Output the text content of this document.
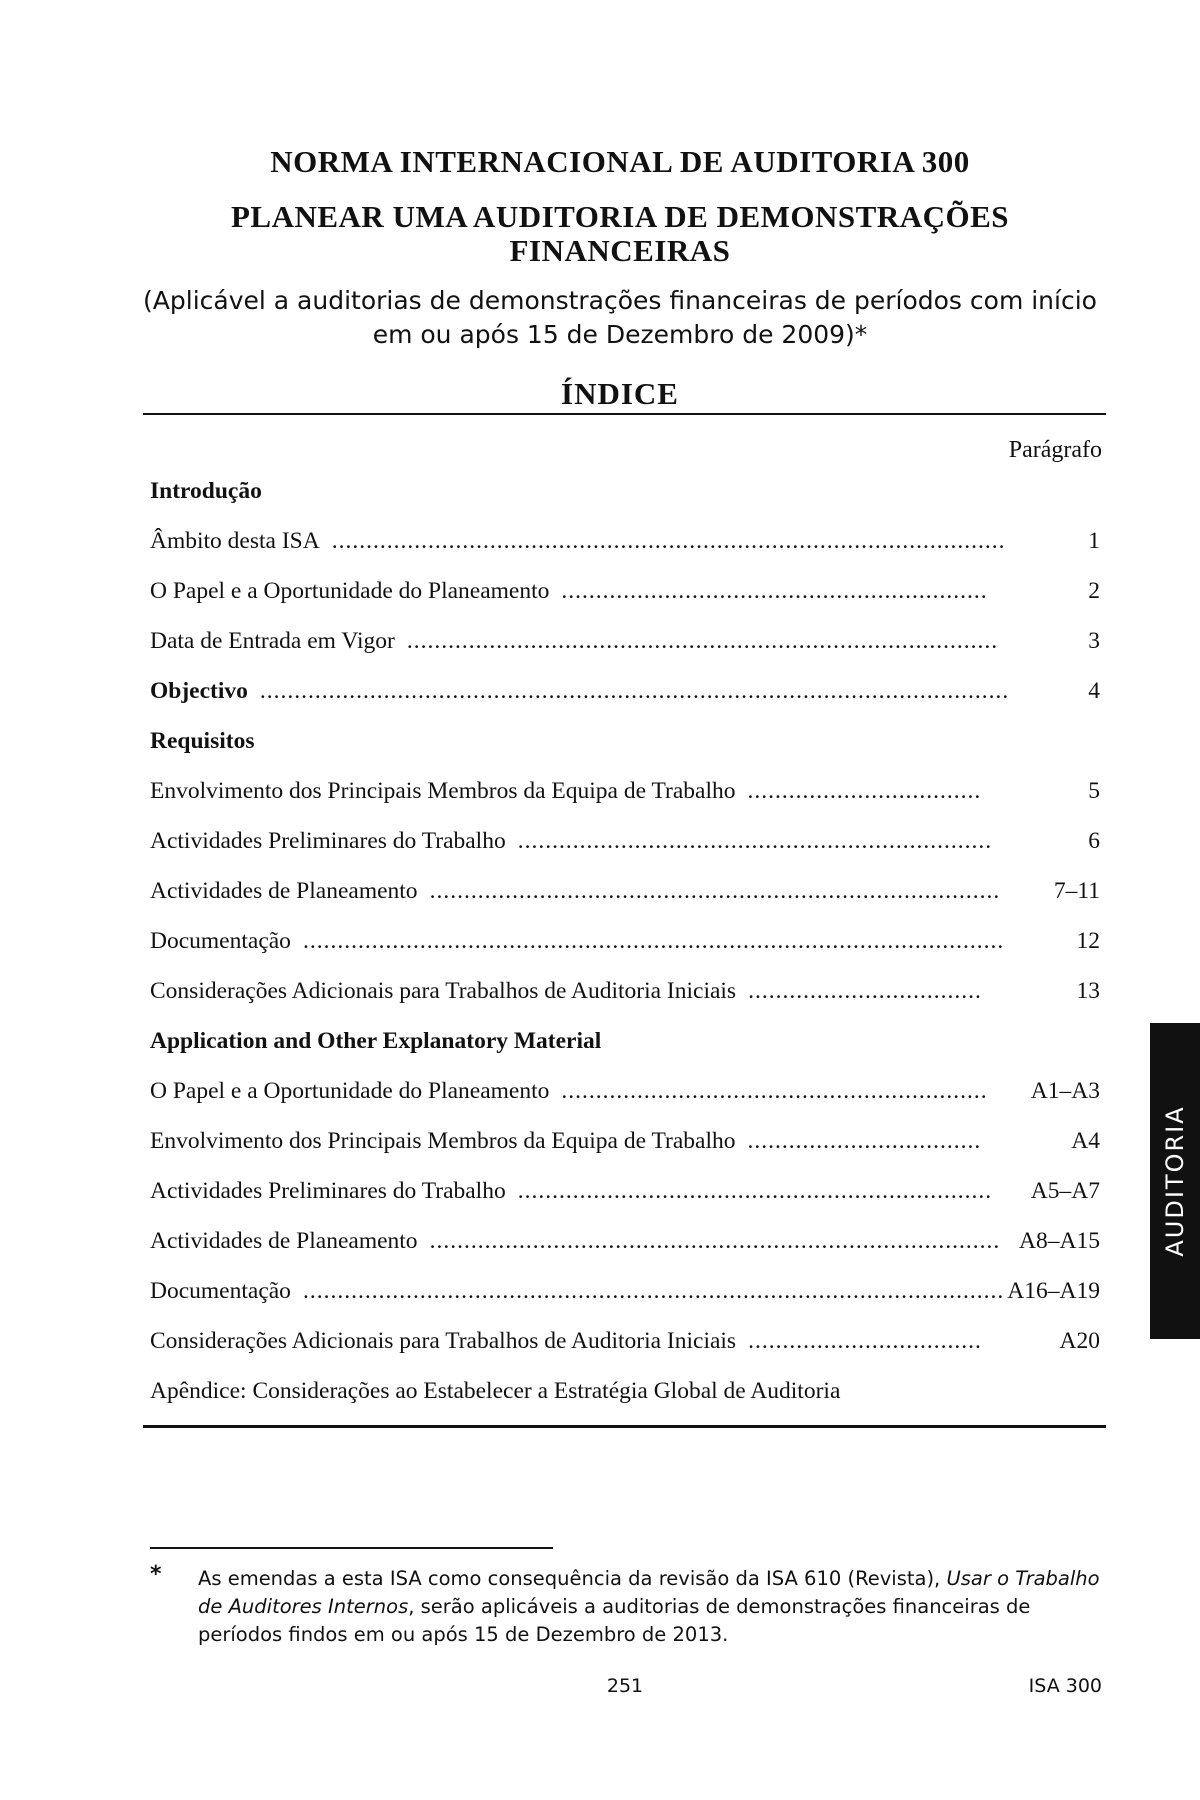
NORMA INTERNACIONAL DE AUDITORIA 300
PLANEAR UMA AUDITORIA DE DEMONSTRAÇÕES FINANCEIRAS
(Aplicável a auditorias de demonstrações financeiras de períodos com início
em ou após 15 de Dezembro de 2009)*
ÍNDICE
Parágrafo
Introdução
Âmbito desta ISA ..................................................................................................	1
O Papel e a Oportunidade do Planeamento ..............................................................	2
Data de Entrada em Vigor ......................................................................................	3
Objectivo .............................................................................................................	4
Requisitos
Envolvimento dos Principais Membros da Equipa de Trabalho ..................................	5
Actividades Preliminares do Trabalho .....................................................................	6
Actividades de Planeamento ................................................................................... 7–11
Documentação ......................................................................................................	12
Considerações Adicionais para Trabalhos de Auditoria Iniciais ..................................	13
Application and Other Explanatory Material
O Papel e a Oportunidade do Planeamento .............................................................. A1–A3
Envolvimento dos Principais Membros da Equipa de Trabalho ..................................	A4
Actividades Preliminares do Trabalho ..................................................................... A5–A7
Actividades de Planeamento ................................................................................... A8–A15
Documentação ...................................................................................................... A16–A19
Considerações Adicionais para Trabalhos de Auditoria Iniciais ..................................	A20
Apêndice: Considerações ao Estabelecer a Estratégia Global de Auditoria
AUDITORIA
* As emendas a esta ISA como consequência da revisão da ISA 610 (Revista), Usar o Trabalho de Auditores Internos, serão aplicáveis a auditorias de demonstrações financeiras de períodos findos em ou após 15 de Dezembro de 2013.
251	ISA 300
